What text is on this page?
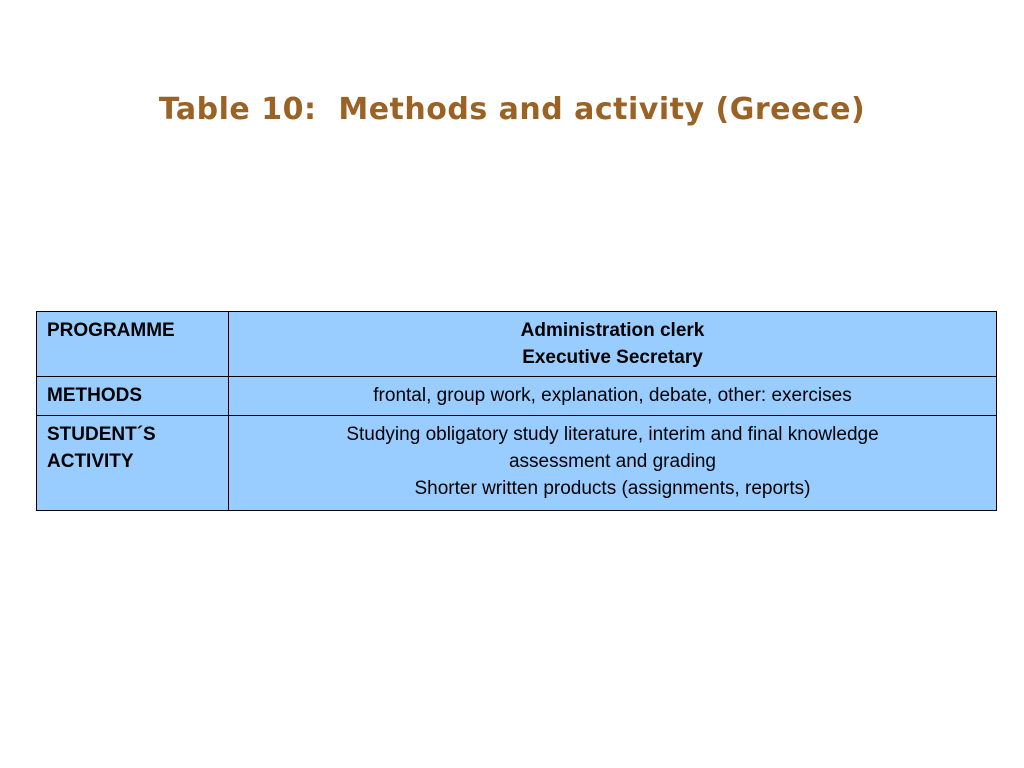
Table 10:  Methods and activity (Greece)
PROGRAMME	Administration clerk
Executive Secretary

METHODS	frontal, group work, explanation, debate, other: exercises

STUDENT´S
ACTIVITY	Studying obligatory study literature, interim and final knowledge
assessment and grading
Shorter written products (assignments, reports)
